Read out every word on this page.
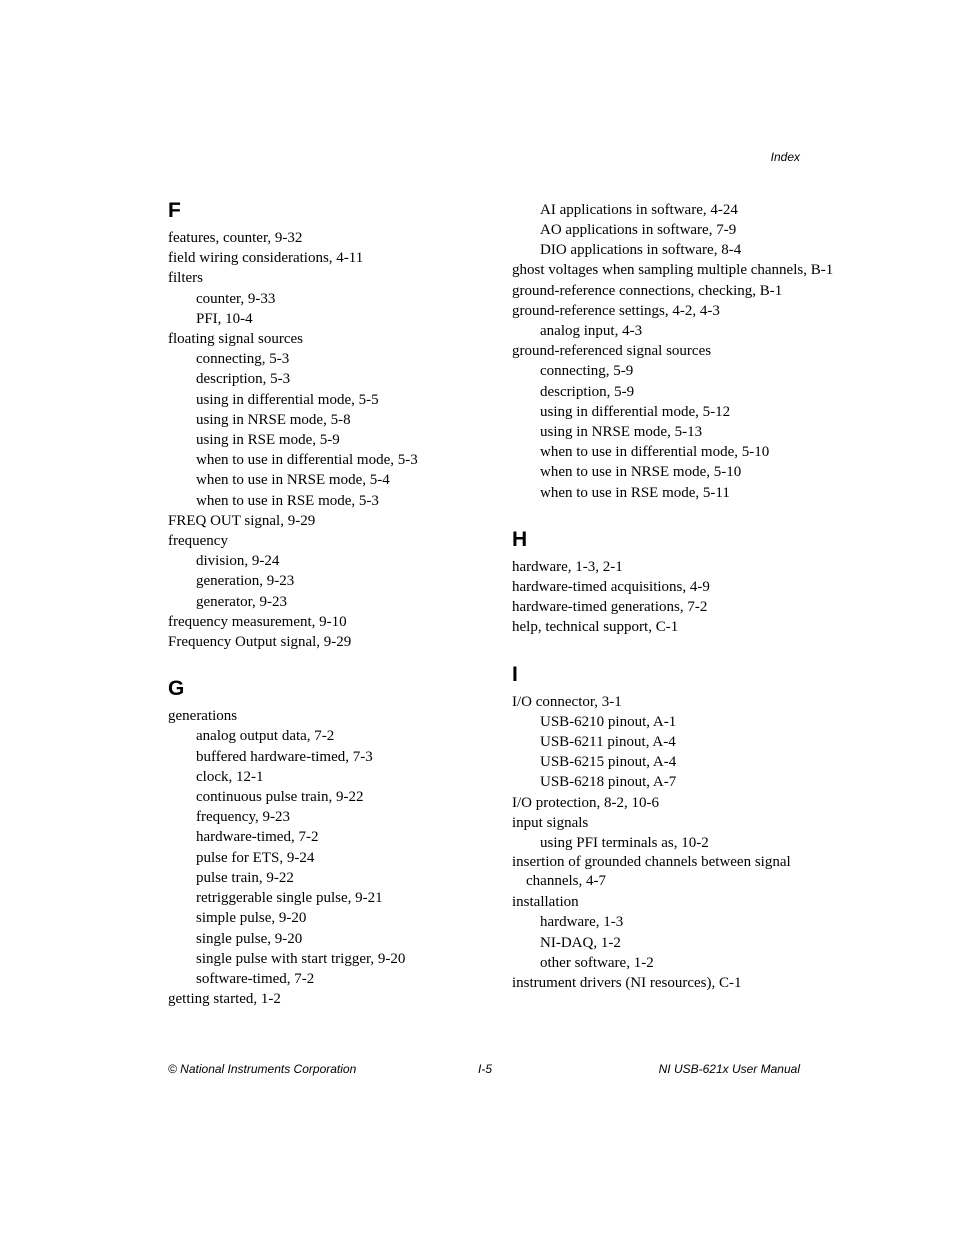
Index
F
features, counter, 9-32
field wiring considerations, 4-11
filters
counter, 9-33
PFI, 10-4
floating signal sources
connecting, 5-3
description, 5-3
using in differential mode, 5-5
using in NRSE mode, 5-8
using in RSE mode, 5-9
when to use in differential mode, 5-3
when to use in NRSE mode, 5-4
when to use in RSE mode, 5-3
FREQ OUT signal, 9-29
frequency
division, 9-24
generation, 9-23
generator, 9-23
frequency measurement, 9-10
Frequency Output signal, 9-29
G
generations
analog output data, 7-2
buffered hardware-timed, 7-3
clock, 12-1
continuous pulse train, 9-22
frequency, 9-23
hardware-timed, 7-2
pulse for ETS, 9-24
pulse train, 9-22
retriggerable single pulse, 9-21
simple pulse, 9-20
single pulse, 9-20
single pulse with start trigger, 9-20
software-timed, 7-2
getting started, 1-2
AI applications in software, 4-24
AO applications in software, 7-9
DIO applications in software, 8-4
ghost voltages when sampling multiple channels, B-1
ground-reference connections, checking, B-1
ground-reference settings, 4-2, 4-3
analog input, 4-3
ground-referenced signal sources
connecting, 5-9
description, 5-9
using in differential mode, 5-12
using in NRSE mode, 5-13
when to use in differential mode, 5-10
when to use in NRSE mode, 5-10
when to use in RSE mode, 5-11
H
hardware, 1-3, 2-1
hardware-timed acquisitions, 4-9
hardware-timed generations, 7-2
help, technical support, C-1
I
I/O connector, 3-1
USB-6210 pinout, A-1
USB-6211 pinout, A-4
USB-6215 pinout, A-4
USB-6218 pinout, A-7
I/O protection, 8-2, 10-6
input signals
using PFI terminals as, 10-2
insertion of grounded channels between signal channels, 4-7
installation
hardware, 1-3
NI-DAQ, 1-2
other software, 1-2
instrument drivers (NI resources), C-1
© National Instruments Corporation	I-5	NI USB-621x User Manual
